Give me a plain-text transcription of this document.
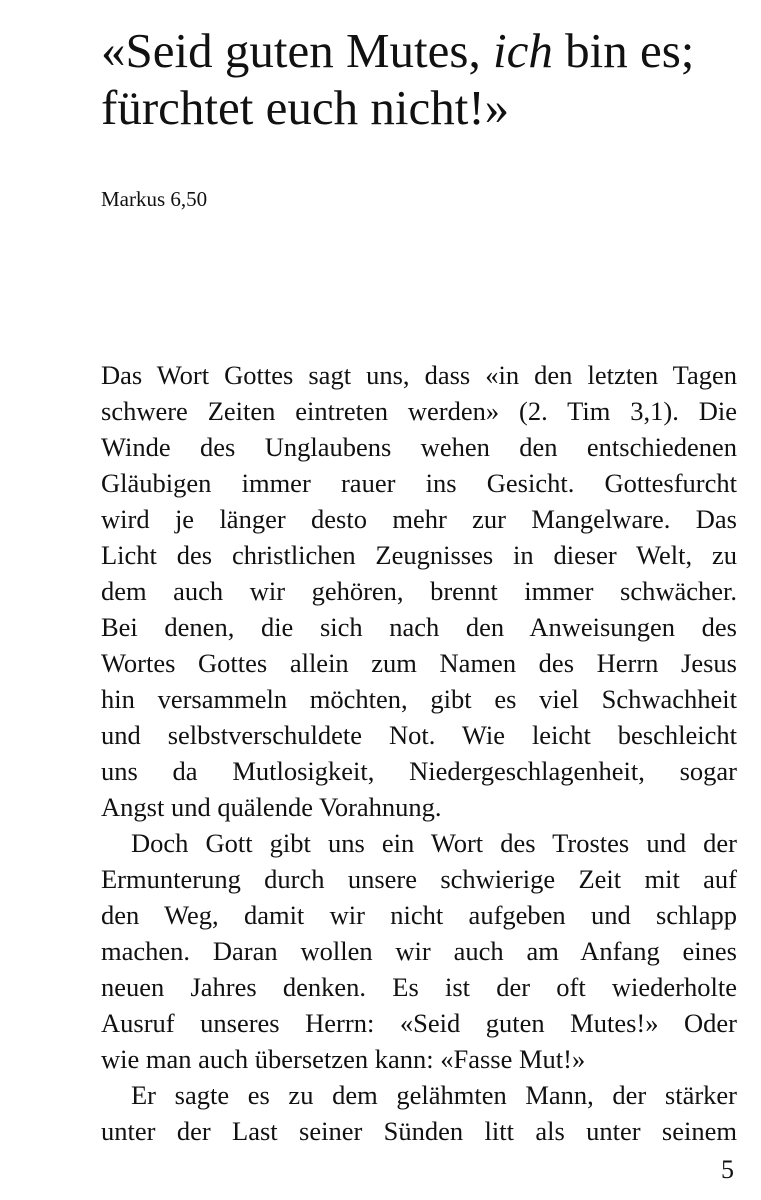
«Seid guten Mutes, ich bin es;
fürchtet euch nicht!»
Markus 6,50
Das Wort Gottes sagt uns, dass «in den letzten Tagen
schwere Zeiten eintreten werden» (2. Tim 3,1). Die
Winde des Unglaubens wehen den entschiedenen
Gläubigen immer rauer ins Gesicht. Gottesfurcht
wird je länger desto mehr zur Mangelware. Das
Licht des christlichen Zeugnisses in dieser Welt, zu
dem auch wir gehören, brennt immer schwächer.
Bei denen, die sich nach den Anweisungen des
Wortes Gottes allein zum Namen des Herrn Jesus
hin versammeln möchten, gibt es viel Schwachheit
und selbstverschuldete Not. Wie leicht beschleicht
uns da Mutlosigkeit, Niedergeschlagenheit, sogar
Angst und quälende Vorahnung.
Doch Gott gibt uns ein Wort des Trostes und der
Ermunterung durch unsere schwierige Zeit mit auf
den Weg, damit wir nicht aufgeben und schlapp
machen. Daran wollen wir auch am Anfang eines
neuen Jahres denken. Es ist der oft wiederholte
Ausruf unseres Herrn: «Seid guten Mutes!» Oder
wie man auch übersetzen kann: «Fasse Mut!»
Er sagte es zu dem gelähmten Mann, der stärker
unter der Last seiner Sünden litt als unter seinem
5
